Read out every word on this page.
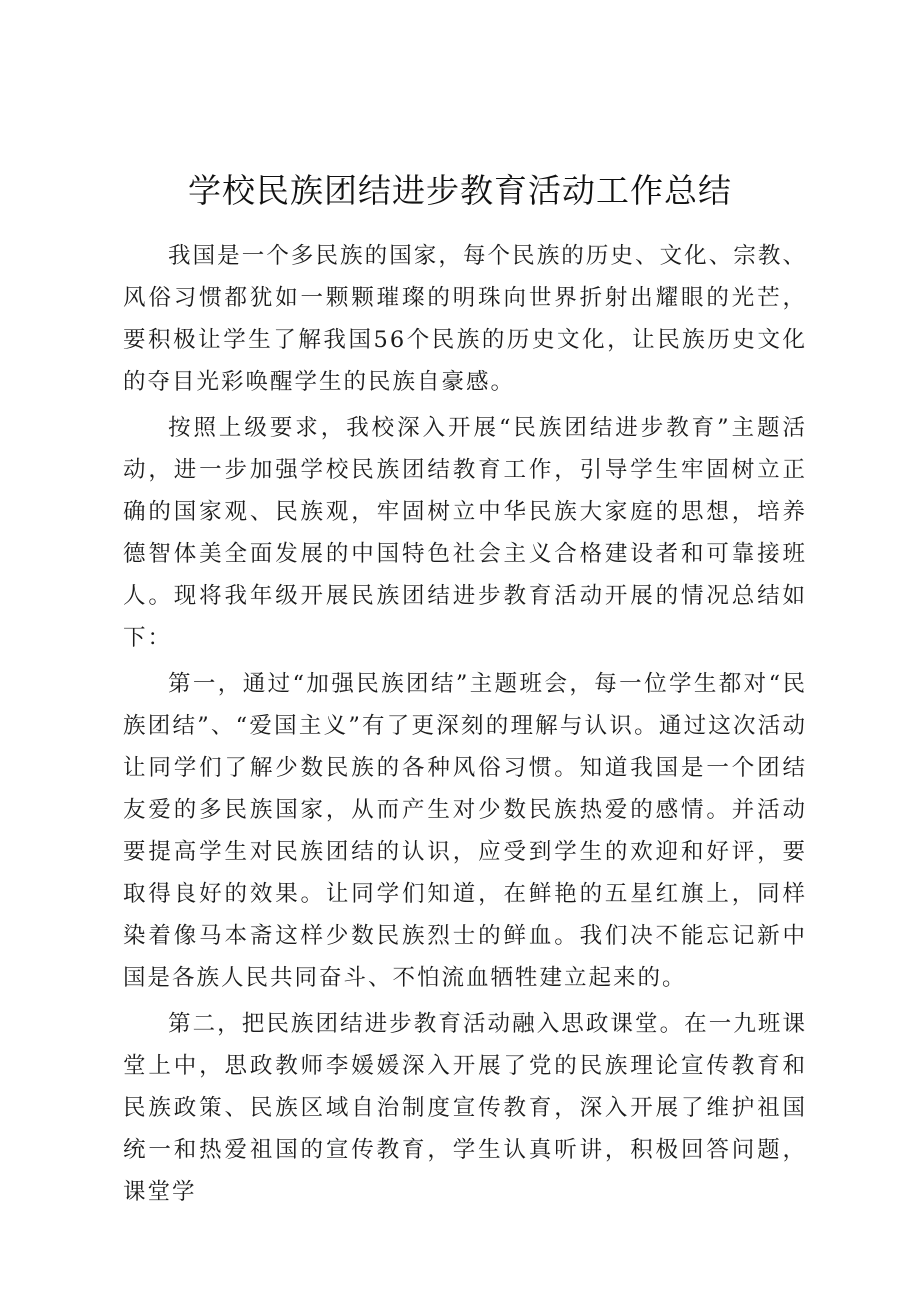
学校民族团结进步教育活动工作总结

我国是一个多民族的国家，每个民族的历史、文化、宗教、风俗习惯都犹如一颗颗璀璨的明珠向世界折射出耀眼的光芒，要积极让学生了解我国56个民族的历史文化，让民族历史文化的夺目光彩唤醒学生的民族自豪感。

按照上级要求，我校深入开展“民族团结进步教育”主题活动，进一步加强学校民族团结教育工作，引导学生牢固树立正确的国家观、民族观，牢固树立中华民族大家庭的思想，培养德智体美全面发展的中国特色社会主义合格建设者和可靠接班人。现将我年级开展民族团结进步教育活动开展的情况总结如下：

第一，通过“加强民族团结”主题班会，每一位学生都对“民族团结”、“爱国主义”有了更深刻的理解与认识。通过这次活动让同学们了解少数民族的各种风俗习惯。知道我国是一个团结友爱的多民族国家，从而产生对少数民族热爱的感情。并活动要提高学生对民族团结的认识，应受到学生的欢迎和好评，要取得良好的效果。让同学们知道，在鲜艳的五星红旗上，同样染着像马本斋这样少数民族烈士的鲜血。我们决不能忘记新中国是各族人民共同奋斗、不怕流血牺牲建立起来的。

第二，把民族团结进步教育活动融入思政课堂。在一九班课堂上中，思政教师李媛媛深入开展了党的民族理论宣传教育和民族政策、民族区域自治制度宣传教育，深入开展了维护祖国统一和热爱祖国的宣传教育，学生认真听讲，积极回答问题，课堂学
